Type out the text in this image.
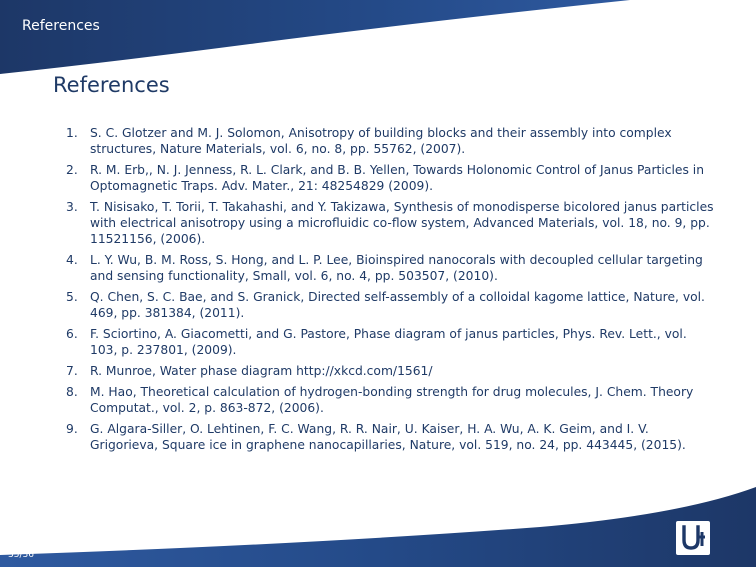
References
References
1. S. C. Glotzer and M. J. Solomon, Anisotropy of building blocks and their assembly into complex structures, Nature Materials, vol. 6, no. 8, pp. 55762, (2007).
2. R. M. Erb,, N. J. Jenness, R. L. Clark, and B. B. Yellen, Towards Holonomic Control of Janus Particles in Optomagnetic Traps. Adv. Mater., 21: 48254829 (2009).
3. T. Nisisako, T. Torii, T. Takahashi, and Y. Takizawa, Synthesis of monodisperse bicolored janus particles with electrical anisotropy using a microfluidic co-flow system, Advanced Materials, vol. 18, no. 9, pp. 11521156, (2006).
4. L. Y. Wu, B. M. Ross, S. Hong, and L. P. Lee, Bioinspired nanocorals with decoupled cellular targeting and sensing functionality, Small, vol. 6, no. 4, pp. 503507, (2010).
5. Q. Chen, S. C. Bae, and S. Granick, Directed self-assembly of a colloidal kagome lattice, Nature, vol. 469, pp. 381384, (2011).
6. F. Sciortino, A. Giacometti, and G. Pastore, Phase diagram of janus particles, Phys. Rev. Lett., vol. 103, p. 237801, (2009).
7. R. Munroe, Water phase diagram http://xkcd.com/1561/
8. M. Hao, Theoretical calculation of hydrogen-bonding strength for drug molecules, J. Chem. Theory Computat., vol. 2, p. 863-872, (2006).
9. G. Algara-Siller, O. Lehtinen, F. C. Wang, R. R. Nair, U. Kaiser, H. A. Wu, A. K. Geim, and I. V. Grigorieva, Square ice in graphene nanocapillaries, Nature, vol. 519, no. 24, pp. 443445, (2015).
35/36
